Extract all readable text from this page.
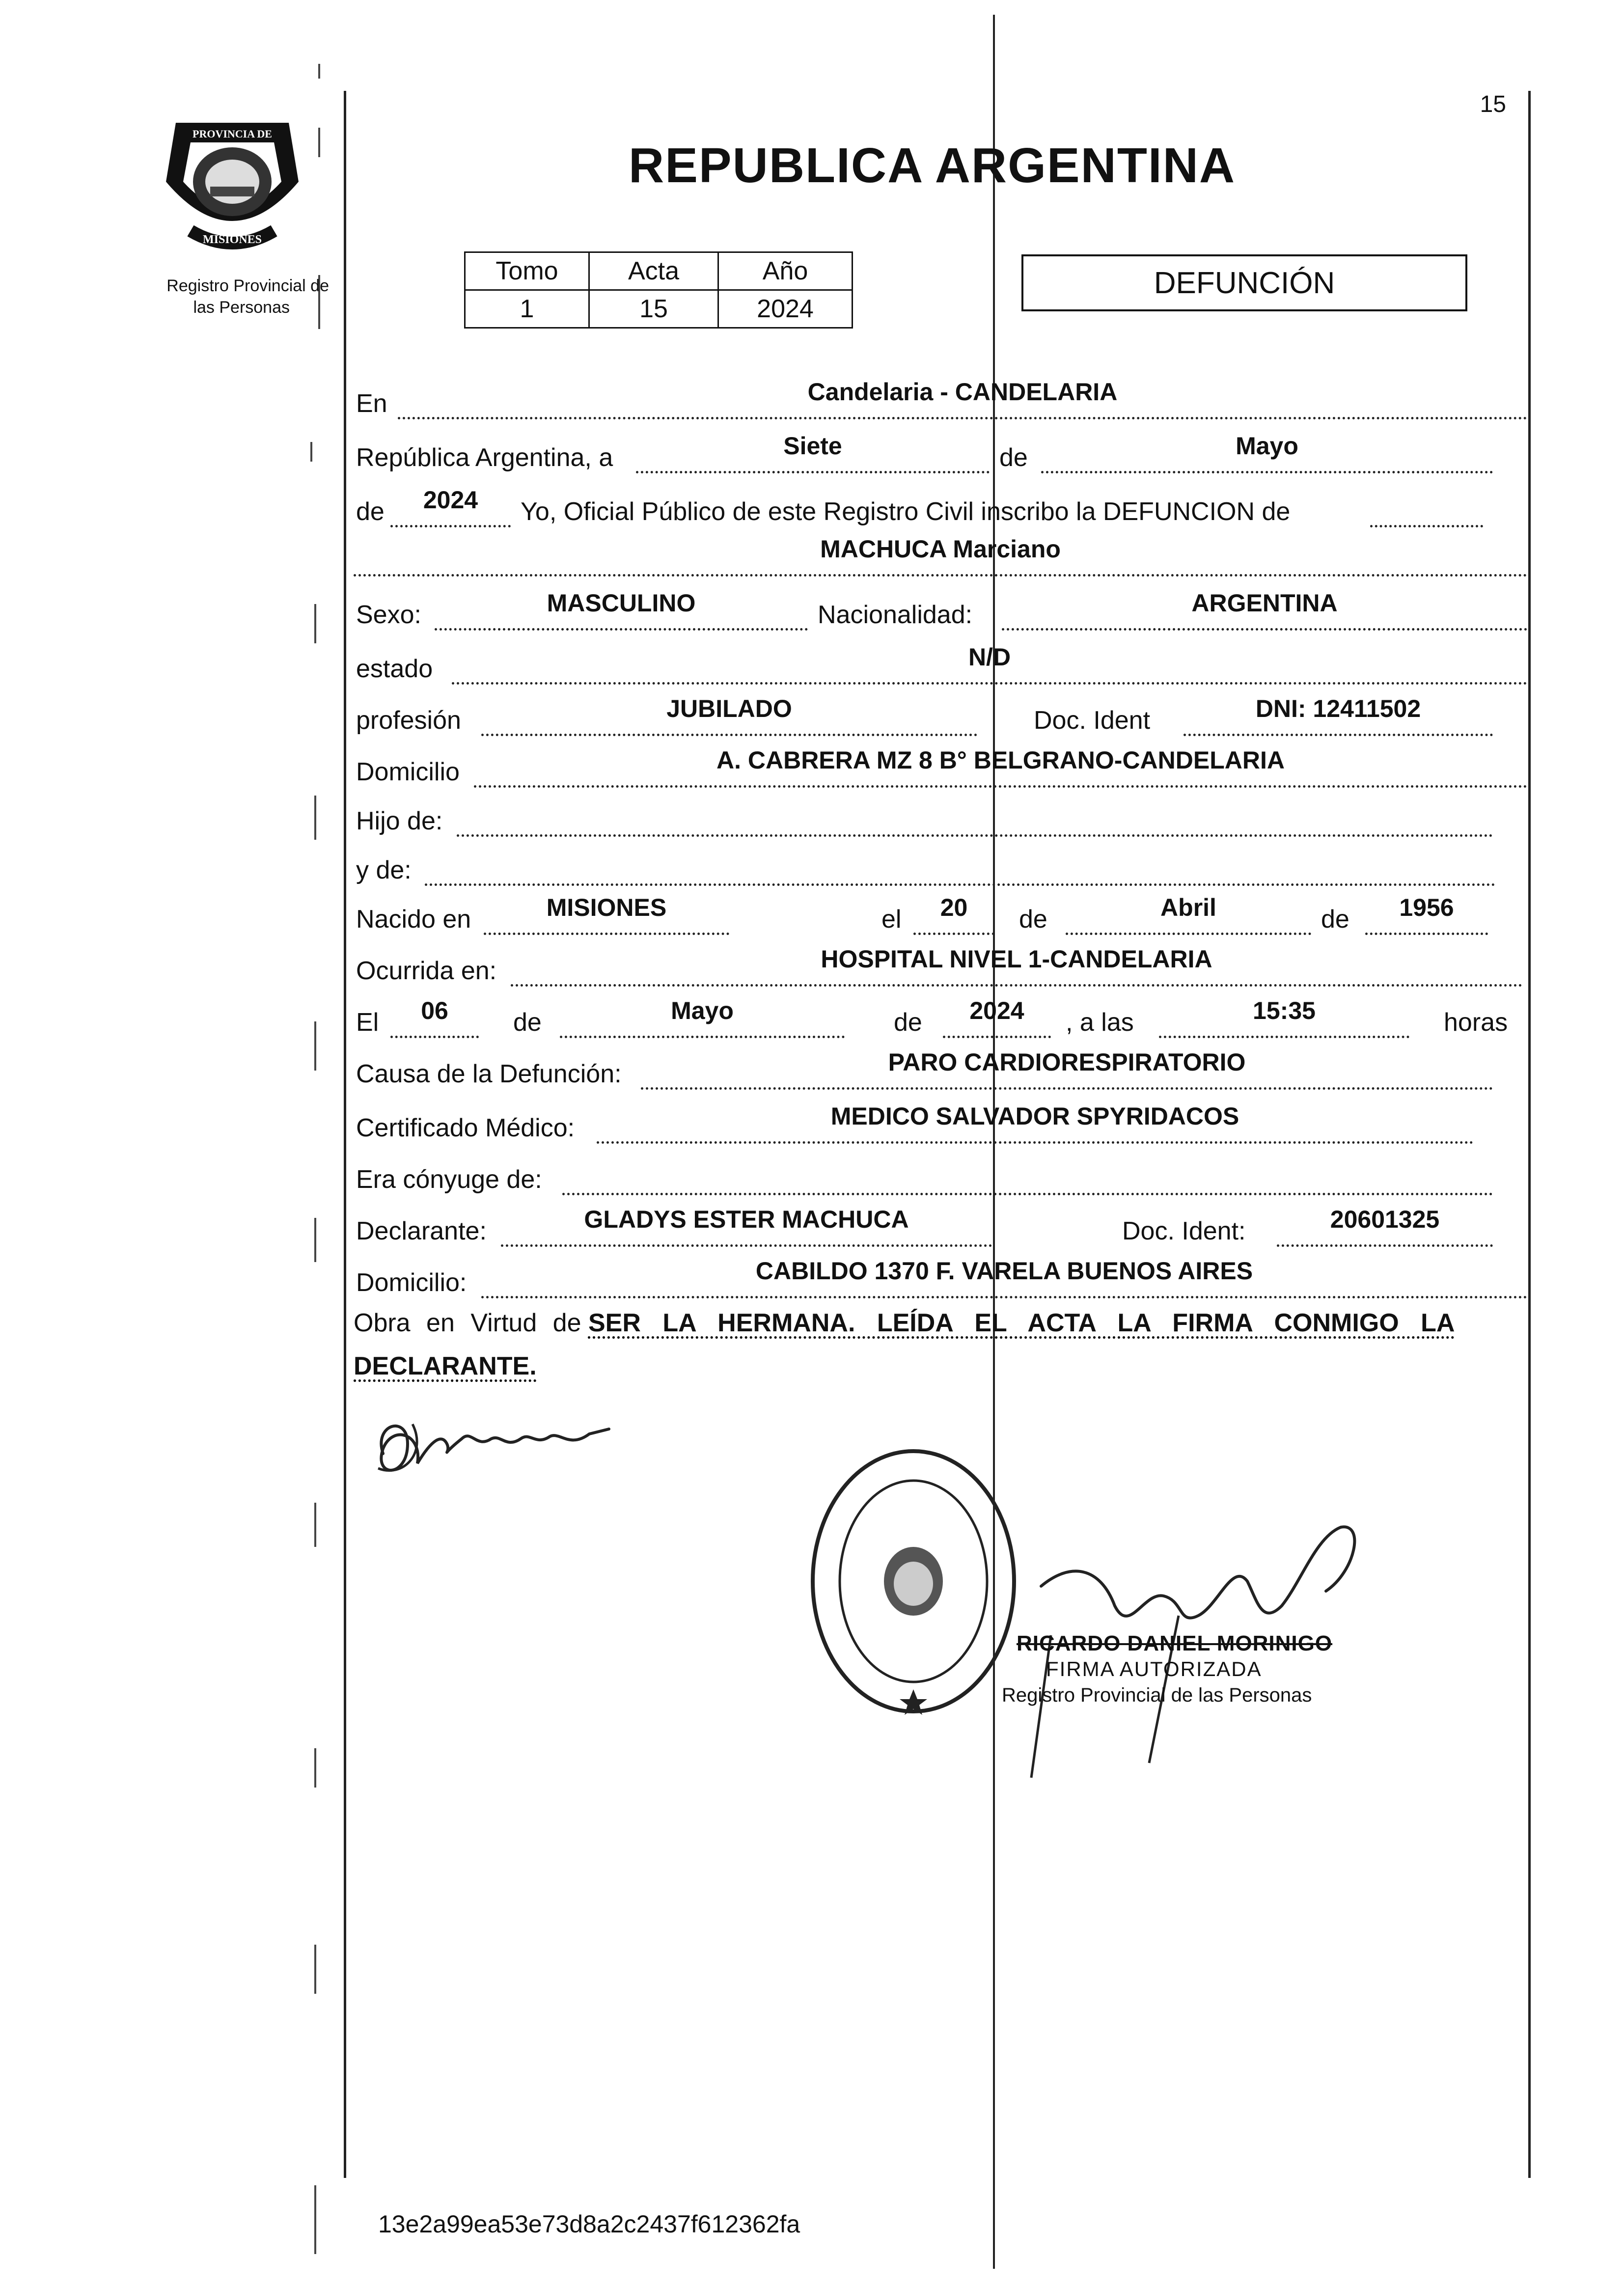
PROVINCIA DE
MISIONES
Registro Provincial de
las Personas
REPUBLICA ARGENTINA
15
Tomo	Acta	Año
1	15	2024
DEFUNCIÓN
En	Candelaria - CANDELARIA
República Argentina, a	Siete	de	Mayo
de	2024	Yo, Oficial Público de este Registro Civil inscribo la DEFUNCION de
MACHUCA Marciano
Sexo:	MASCULINO	Nacionalidad:	ARGENTINA
estado	N/D
profesión	JUBILADO	Doc. Ident	DNI: 12411502
Domicilio	A. CABRERA MZ 8 B° BELGRANO-CANDELARIA
Hijo de:
y de:
Nacido en	MISIONES	el	20	de	Abril	de	1956
Ocurrida en:	HOSPITAL NIVEL 1-CANDELARIA
El	06	de	Mayo	de	2024	, a las	15:35	horas
Causa de la Defunción:	PARO CARDIORESPIRATORIO
Certificado Médico:	MEDICO SALVADOR SPYRIDACOS
Era cónyuge de:
Declarante:	GLADYS ESTER MACHUCA	Doc. Ident:	20601325
Domicilio:	CABILDO 1370 F. VARELA BUENOS AIRES
Obra en Virtud de SER LA HERMANA. LEÍDA EL ACTA LA FIRMA CONMIGO LA DECLARANTE.
RICARDO DANIEL MORINIGO
FIRMA AUTORIZADA
Registro Provincial de las Personas
13e2a99ea53e73d8a2c2437f612362fa
